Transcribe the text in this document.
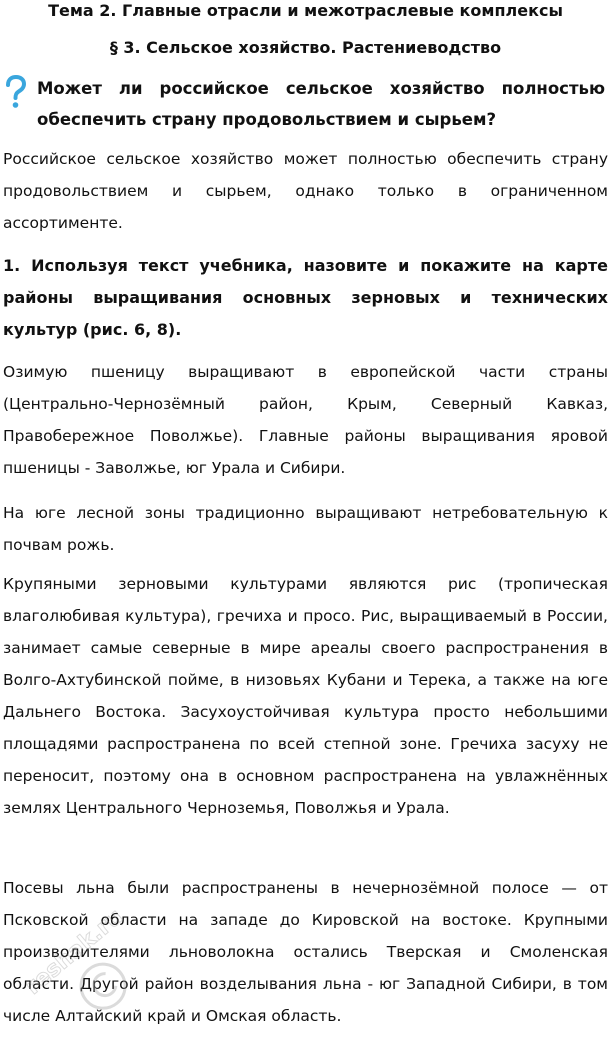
Тема 2. Главные отрасли и межотраслевые комплексы
§ 3. Сельское хозяйство. Растениеводство
Может ли российское сельское хозяйство полностью обеспечить страну продовольствием и сырьем?

Российское сельское хозяйство может полностью обеспечить страну продовольствием и сырьем, однако только в ограниченном ассортименте.

1. Используя текст учебника, назовите и покажите на карте районы выращивания основных зерновых и технических культур (рис. 6, 8).

Озимую пшеницу выращивают в европейской части страны (Центрально-Чернозёмный район, Крым, Северный Кавказ, Правобережное Поволжье). Главные районы выращивания яровой пшеницы - Заволжье, юг Урала и Сибири.

На юге лесной зоны традиционно выращивают нетребовательную к почвам рожь.

Крупяными зерновыми культурами являются рис (тропическая влаголюбивая культура), гречиха и просо. Рис, выращиваемый в России, занимает самые северные в мире ареалы своего распространения в Волго-Ахтубинской пойме, в низовьях Кубани и Терека, а также на юге Дальнего Востока. Засухоустойчивая культура просто небольшими площадями распространена по всей степной зоне. Гречиха засуху не переносит, поэтому она в основном распространена на увлажнённых землях Центрального Черноземья, Поволжья и Урала.

Посевы льна были распространены в нечернозёмной полосе — от Псковской области на западе до Кировской на востоке. Крупными производителями льноволокна остались Тверская и Смоленская области. Другой район возделывания льна - юг Западной Сибири, в том числе Алтайский край и Омская область.

reshak.ru
